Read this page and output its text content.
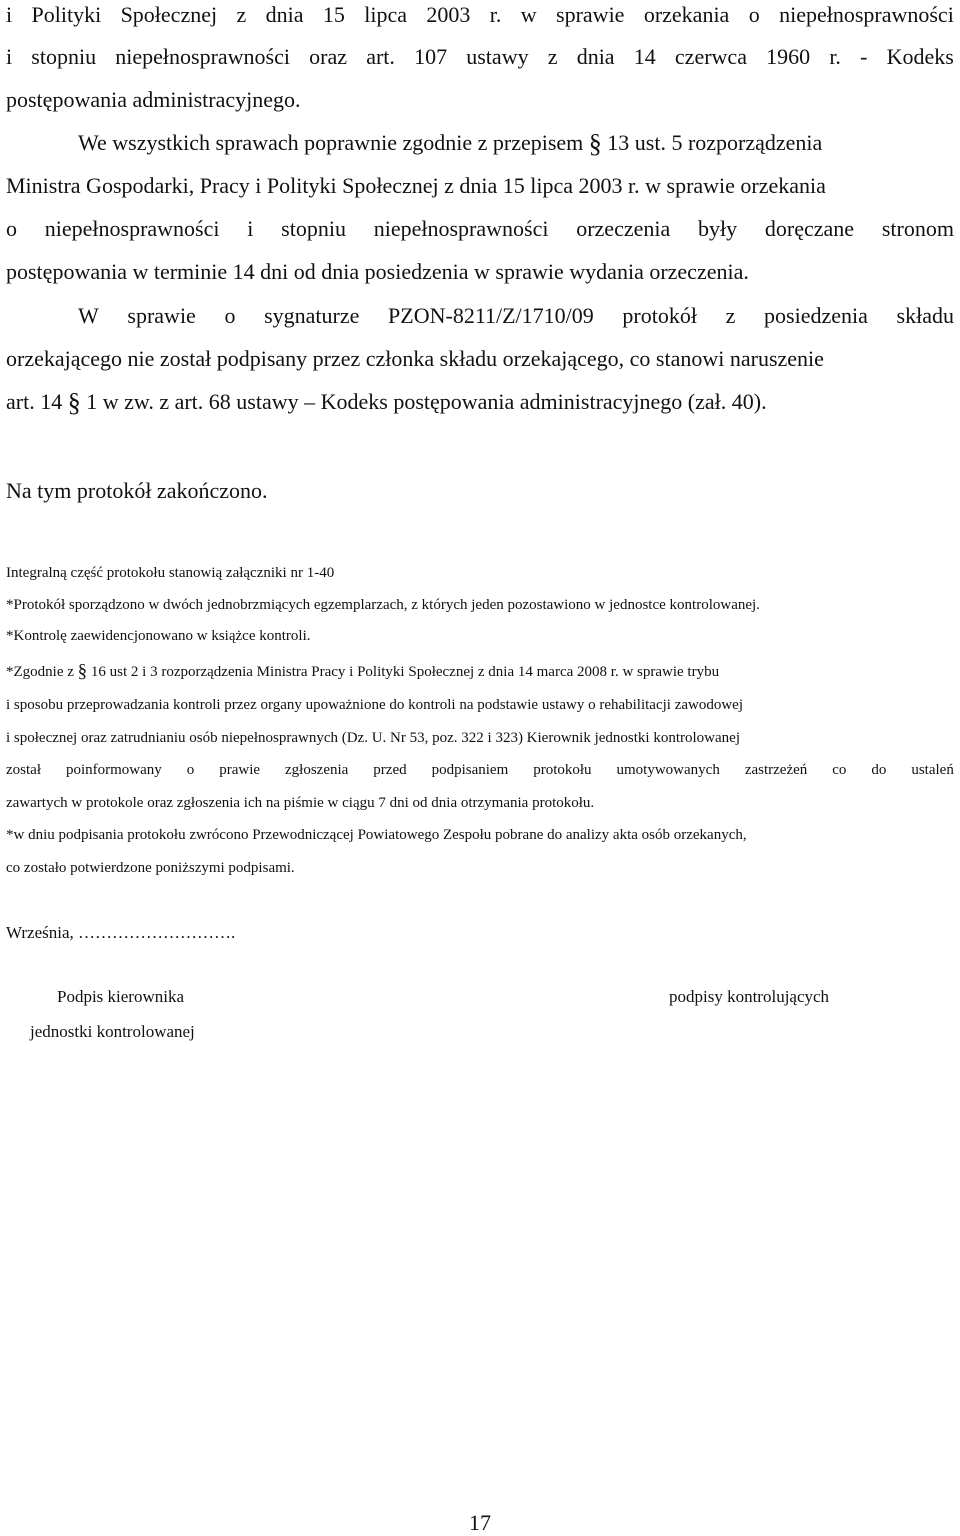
i Polityki Społecznej z dnia 15 lipca 2003 r. w sprawie orzekania o niepełnosprawności
i stopniu niepełnosprawności oraz art. 107 ustawy z dnia 14 czerwca 1960 r. - Kodeks
postępowania administracyjnego.
We wszystkich sprawach poprawnie zgodnie z przepisem § 13 ust. 5 rozporządzenia
Ministra Gospodarki, Pracy i Polityki Społecznej z dnia 15 lipca 2003 r. w sprawie orzekania
o niepełnosprawności i stopniu niepełnosprawności orzeczenia były doręczane stronom
postępowania w terminie 14 dni od dnia posiedzenia w sprawie wydania orzeczenia.
W sprawie o sygnaturze PZON-8211/Z/1710/09 protokół z posiedzenia składu
orzekającego nie został podpisany przez członka składu orzekającego, co stanowi naruszenie
art. 14 § 1 w zw. z art. 68 ustawy – Kodeks postępowania administracyjnego (zał. 40).
Na tym protokół zakończono.
Integralną część protokołu stanowią załączniki nr 1-40
*Protokół sporządzono w dwóch jednobrzmiących egzemplarzach, z których jeden pozostawiono w jednostce kontrolowanej.
*Kontrolę zaewidencjonowano w książce kontroli.
*Zgodnie z § 16 ust 2 i 3 rozporządzenia Ministra Pracy i Polityki Społecznej z dnia 14 marca 2008 r. w sprawie trybu
i sposobu przeprowadzania kontroli przez organy upoważnione do kontroli na podstawie ustawy o rehabilitacji zawodowej
i społecznej oraz zatrudnianiu osób niepełnosprawnych (Dz. U. Nr 53, poz. 322 i 323) Kierownik jednostki kontrolowanej
został poinformowany o prawie zgłoszenia przed podpisaniem protokołu umotywowanych zastrzeżeń co do ustaleń
zawartych w protokole oraz zgłoszenia ich na piśmie w ciągu 7 dni od dnia otrzymania protokołu.
*w dniu podpisania protokołu zwrócono Przewodniczącej Powiatowego Zespołu pobrane do analizy akta osób orzekanych,
co zostało potwierdzone poniższymi podpisami.
Września, ……………………….
Podpis kierownika
jednostki kontrolowanej
podpisy kontrolujących
17
